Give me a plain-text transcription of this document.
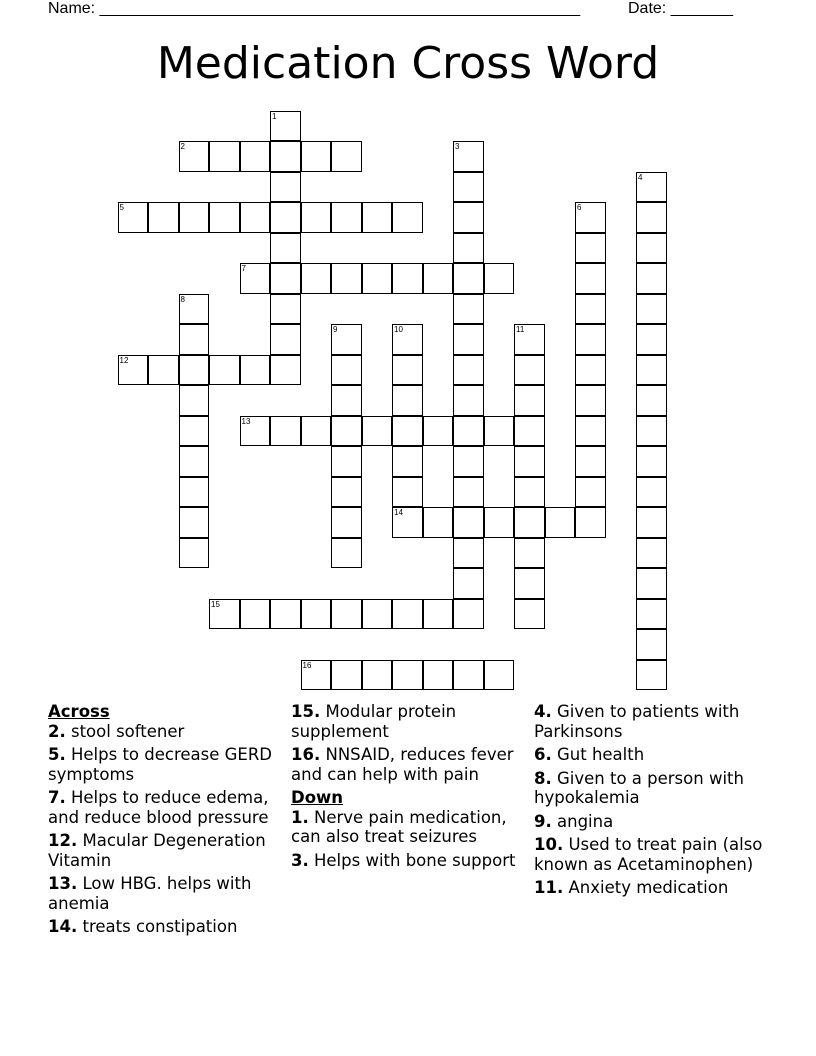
Name: ______________________________________________________	Date: _______
Medication Cross Word
1
2	3
4
5	6
7
8
9	10
14
11
12
13
15
16
Across
2. stool softener
5. Helps to decrease GERD symptoms
7. Helps to reduce edema, and reduce blood pressure
12. Macular Degeneration Vitamin
13. Low HBG. helps with anemia
14. treats constipation
15. Modular protein supplement
16. NNSAID, reduces fever and can help with pain
Down
1. Nerve pain medication, can also treat seizures
3. Helps with bone support
4. Given to patients with Parkinsons
6. Gut health
8. Given to a person with hypokalemia
9. angina
10. Used to treat pain (also known as Acetaminophen)
11. Anxiety medication
